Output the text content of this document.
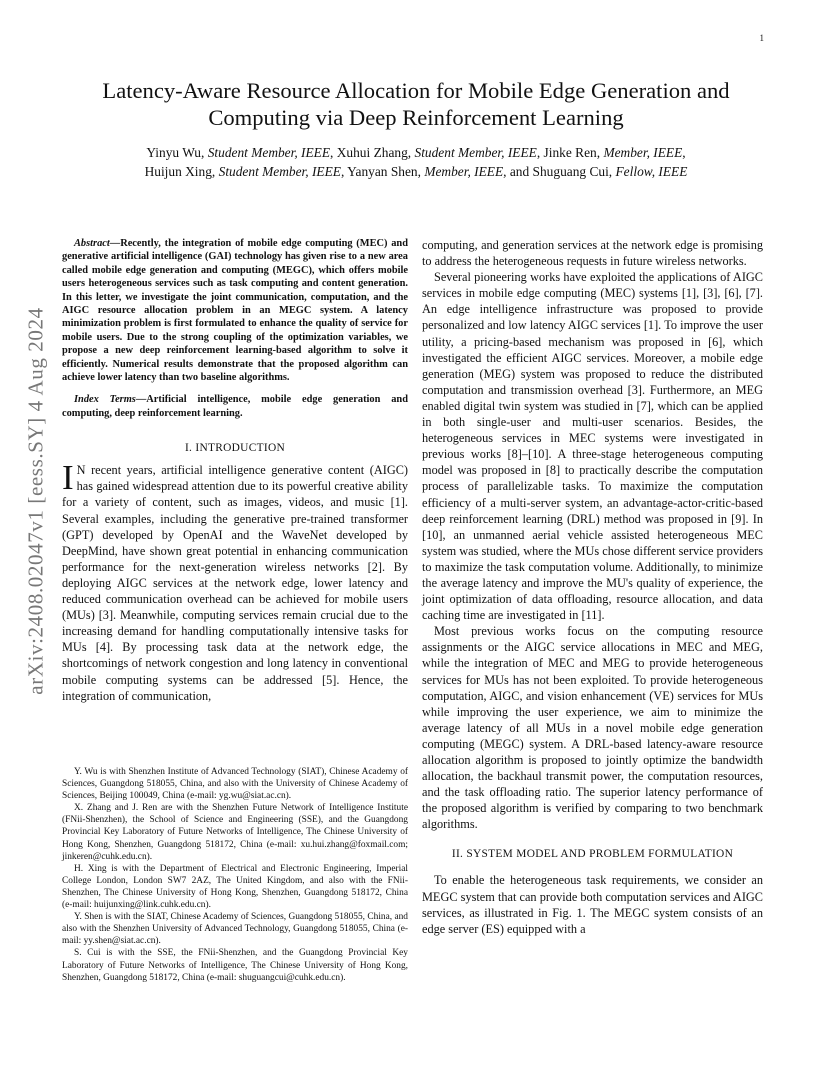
1
arXiv:2408.02047v1 [eess.SY] 4 Aug 2024
Latency-Aware Resource Allocation for Mobile Edge Generation and Computing via Deep Reinforcement Learning
Yinyu Wu, Student Member, IEEE, Xuhui Zhang, Student Member, IEEE, Jinke Ren, Member, IEEE,
Huijun Xing, Student Member, IEEE, Yanyan Shen, Member, IEEE, and Shuguang Cui, Fellow, IEEE

Abstract—Recently, the integration of mobile edge computing (MEC) and generative artificial intelligence (GAI) technology has given rise to a new area called mobile edge generation and computing (MEGC), which offers mobile users heterogeneous services such as task computing and content generation. In this letter, we investigate the joint communication, computation, and the AIGC resource allocation problem in an MEGC system. A latency minimization problem is first formulated to enhance the quality of service for mobile users. Due to the strong coupling of the optimization variables, we propose a new deep reinforcement learning-based algorithm to solve it efficiently. Numerical results demonstrate that the proposed algorithm can achieve lower latency than two baseline algorithms.

Index Terms—Artificial intelligence, mobile edge generation and computing, deep reinforcement learning.

I. INTRODUCTION

I N recent years, artificial intelligence generative content (AIGC) has gained widespread attention due to its powerful creative ability for a variety of content, such as images, videos, and music [1]. Several examples, including the generative pre-trained transformer (GPT) developed by OpenAI and the WaveNet developed by DeepMind, have shown great potential in enhancing communication performance for the next-generation wireless networks [2]. By deploying AIGC services at the network edge, lower latency and reduced communication overhead can be achieved for mobile users (MUs) [3]. Meanwhile, computing services remain crucial due to the increasing demand for handling computationally intensive tasks for MUs [4]. By processing task data at the network edge, the shortcomings of network congestion and long latency in conventional mobile computing systems can be addressed [5]. Hence, the integration of communication,

Y. Wu is with Shenzhen Institute of Advanced Technology (SIAT), Chinese Academy of Sciences, Guangdong 518055, China, and also with the University of Chinese Academy of Sciences, Beijing 100049, China (e-mail: yg.wu@siat.ac.cn).

X. Zhang and J. Ren are with the Shenzhen Future Network of Intelligence Institute (FNii-Shenzhen), the School of Science and Engineering (SSE), and the Guangdong Provincial Key Laboratory of Future Networks of Intelligence, The Chinese University of Hong Kong, Shenzhen, Guangdong 518172, China (e-mail: xu.hui.zhang@foxmail.com; jinkeren@cuhk.edu.cn).

H. Xing is with the Department of Electrical and Electronic Engineering, Imperial College London, London SW7 2AZ, The United Kingdom, and also with the FNii-Shenzhen, The Chinese University of Hong Kong, Shenzhen, Guangdong 518172, China (e-mail: huijunxing@link.cuhk.edu.cn).

Y. Shen is with the SIAT, Chinese Academy of Sciences, Guangdong 518055, China, and also with the Shenzhen University of Advanced Technology, Guangdong 518055, China (e-mail: yy.shen@siat.ac.cn).

S. Cui is with the SSE, the FNii-Shenzhen, and the Guangdong Provincial Key Laboratory of Future Networks of Intelligence, The Chinese University of Hong Kong, Shenzhen, Guangdong 518172, China (e-mail: shuguangcui@cuhk.edu.cn).

computing, and generation services at the network edge is promising to address the heterogeneous requests in future wireless networks.

Several pioneering works have exploited the applications of AIGC services in mobile edge computing (MEC) systems [1], [3], [6], [7]. An edge intelligence infrastructure was proposed to provide personalized and low latency AIGC services [1]. To improve the user utility, a pricing-based mechanism was proposed in [6], which investigated the efficient AIGC services. Moreover, a mobile edge generation (MEG) system was proposed to reduce the distributed computation and transmission overhead [3]. Furthermore, an MEG enabled digital twin system was studied in [7], which can be applied in both single-user and multi-user scenarios. Besides, the heterogeneous services in MEC systems were investigated in previous works [8]–[10]. A three-stage heterogeneous computing model was proposed in [8] to practically describe the computation process of parallelizable tasks. To maximize the computation efficiency of a multi-server system, an advantage-actor-critic-based deep reinforcement learning (DRL) method was proposed in [9]. In [10], an unmanned aerial vehicle assisted heterogeneous MEC system was studied, where the MUs chose different service providers to maximize the task computation volume. Additionally, to minimize the average latency and improve the MU's quality of experience, the joint optimization of data offloading, resource allocation, and data caching time are investigated in [11].

Most previous works focus on the computing resource assignments or the AIGC service allocations in MEC and MEG, while the integration of MEC and MEG to provide heterogeneous services for MUs has not been exploited. To provide heterogeneous computation, AIGC, and vision enhancement (VE) services for MUs while improving the user experience, we aim to minimize the average latency of all MUs in a novel mobile edge generation computing (MEGC) system. A DRL-based latency-aware resource allocation algorithm is proposed to jointly optimize the bandwidth allocation, the backhaul transmit power, the computation resources, and the task offloading ratio. The superior latency performance of the proposed algorithm is verified by comparing to two benchmark algorithms.

II. SYSTEM MODEL AND PROBLEM FORMULATION

To enable the heterogeneous task requirements, we consider an MEGC system that can provide both computation services and AIGC services, as illustrated in Fig. 1. The MEGC system consists of an edge server (ES) equipped with a
